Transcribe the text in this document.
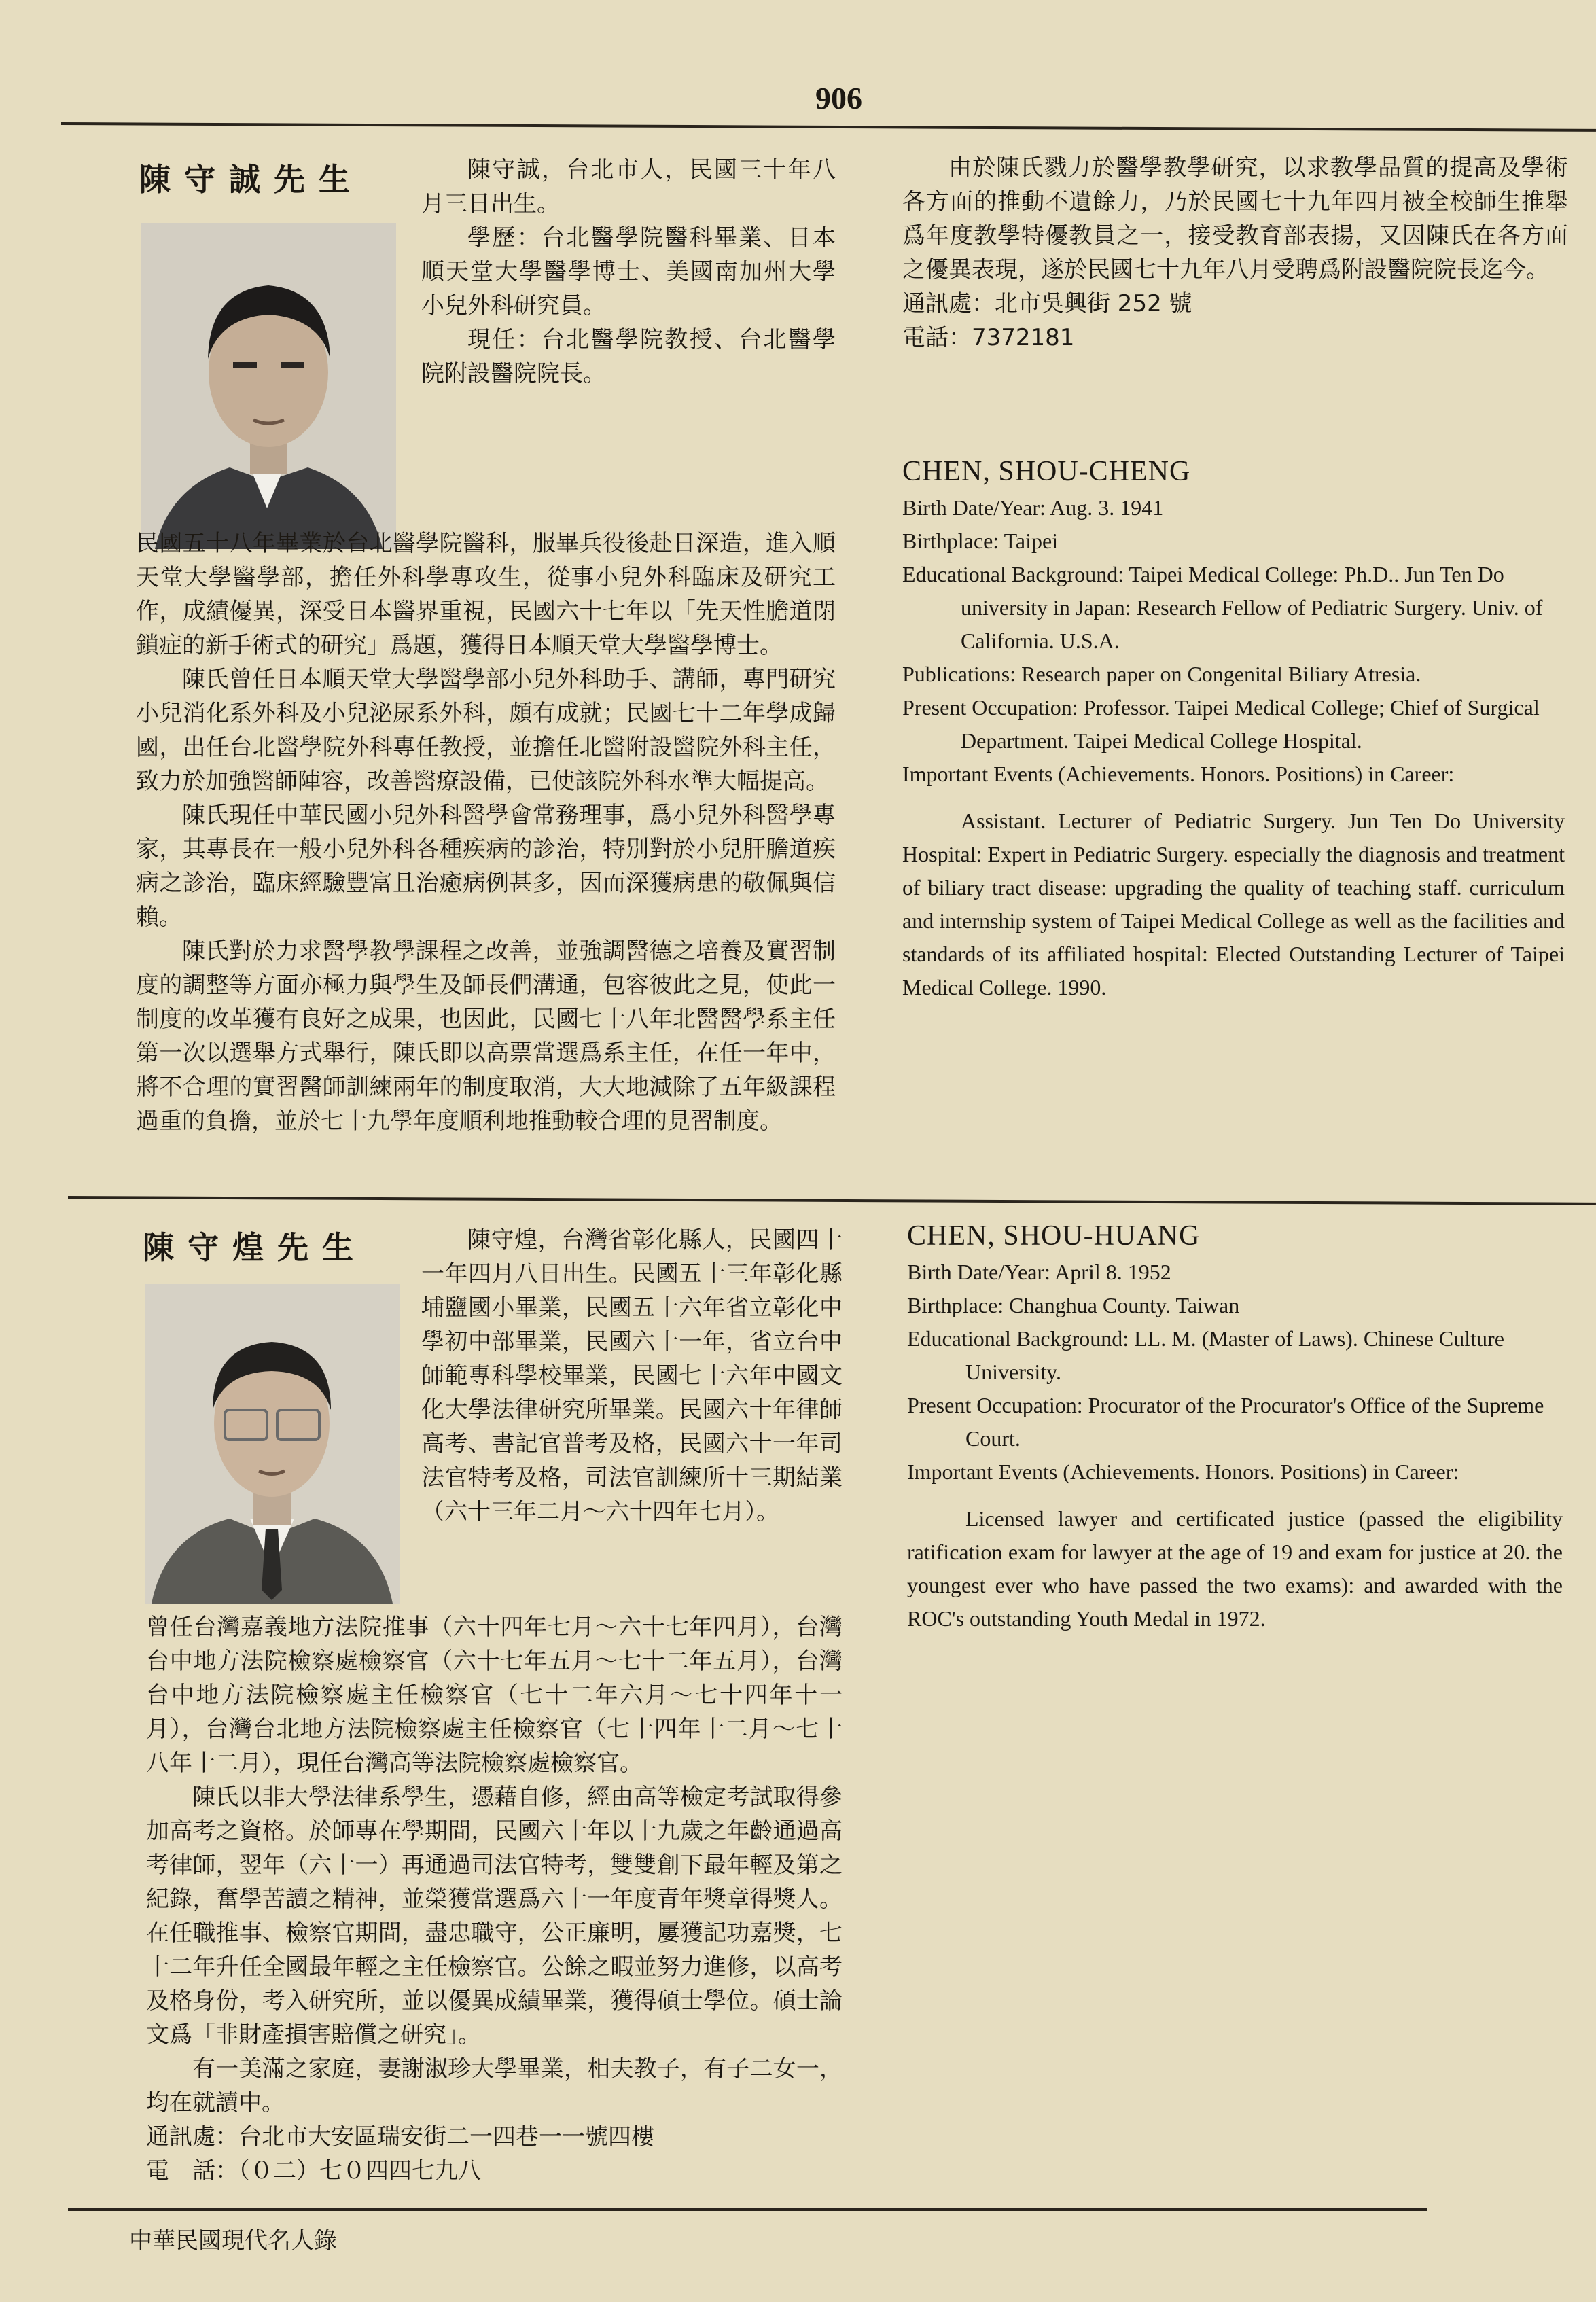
906
陳守誠先生	陳守誠，台北市人，民國三十年八月三日出生。

學歷：台北醫學院醫科畢業、日本順天堂大學醫學博士、美國南加州大學小兒外科研究員。

現任：台北醫學院教授、台北醫學院附設醫院院長。

民國五十八年畢業於台北醫學院醫科，服畢兵役後赴日深造，進入順天堂大學醫學部，擔任外科學專攻生，從事小兒外科臨床及研究工作，成績優異，深受日本醫界重視，民國六十七年以「先天性膽道閉鎖症的新手術式的研究」爲題，獲得日本順天堂大學醫學博士。

陳氏曾任日本順天堂大學醫學部小兒外科助手、講師，專門研究小兒消化系外科及小兒泌尿系外科，頗有成就；民國七十二年學成歸國，出任台北醫學院外科專任教授，並擔任北醫附設醫院外科主任，致力於加強醫師陣容，改善醫療設備，已使該院外科水準大幅提高。

陳氏現任中華民國小兒外科醫學會常務理事，爲小兒外科醫學專家，其專長在一般小兒外科各種疾病的診治，特別對於小兒肝膽道疾病之診治，臨床經驗豐富且治癒病例甚多，因而深獲病患的敬佩與信賴。

陳氏對於力求醫學教學課程之改善，並強調醫德之培養及實習制度的調整等方面亦極力與學生及師長們溝通，包容彼此之見，使此一制度的改革獲有良好之成果，也因此，民國七十八年北醫醫學系主任第一次以選舉方式舉行，陳氏即以高票當選爲系主任，在任一年中，將不合理的實習醫師訓練兩年的制度取消，大大地減除了五年級課程過重的負擔，並於七十九學年度順利地推動較合理的見習制度。

由於陳氏戮力於醫學教學研究，以求教學品質的提高及學術各方面的推動不遺餘力，乃於民國七十九年四月被全校師生推舉爲年度教學特優教員之一，接受教育部表揚，又因陳氏在各方面之優異表現，遂於民國七十九年八月受聘爲附設醫院院長迄今。

通訊處：北市吳興街 252 號

電話：7372181

CHEN, SHOU-CHENG

Birth Date/Year: Aug. 3. 1941

Birthplace: Taipei

Educational Background: Taipei Medical College: Ph.D.. Jun Ten Do university in Japan: Research Fellow of Pediatric Surgery. Univ. of California. U.S.A.

Publications: Research paper on Congenital Biliary Atresia.

Present Occupation: Professor. Taipei Medical College; Chief of Surgical Department. Taipei Medical College Hospital.

Important Events (Achievements. Honors. Positions) in Career:

Assistant. Lecturer of Pediatric Surgery. Jun Ten Do University Hospital: Expert in Pediatric Surgery. especially the diagnosis and treatment of biliary tract disease: upgrading the quality of teaching staff. curriculum and internship system of Taipei Medical College as well as the facilities and standards of its affiliated hospital: Elected Outstanding Lecturer of Taipei Medical College. 1990.

陳守煌先生	陳守煌，台灣省彰化縣人，民國四十一年四月八日出生。民國五十三年彰化縣埔鹽國小畢業，民國五十六年省立彰化中學初中部畢業，民國六十一年，省立台中師範專科學校畢業，民國七十六年中國文化大學法律研究所畢業。民國六十年律師高考、書記官普考及格，民國六十一年司法官特考及格，司法官訓練所十三期結業（六十三年二月～六十四年七月）。

曾任台灣嘉義地方法院推事（六十四年七月～六十七年四月），台灣台中地方法院檢察處檢察官（六十七年五月～七十二年五月），台灣台中地方法院檢察處主任檢察官（七十二年六月～七十四年十一月），台灣台北地方法院檢察處主任檢察官（七十四年十二月～七十八年十二月），現任台灣高等法院檢察處檢察官。

陳氏以非大學法律系學生，憑藉自修，經由高等檢定考試取得參加高考之資格。於師專在學期間，民國六十年以十九歲之年齡通過高考律師，翌年（六十一）再通過司法官特考，雙雙創下最年輕及第之紀錄，奮學苦讀之精神，並榮獲當選爲六十一年度青年獎章得獎人。在任職推事、檢察官期間，盡忠職守，公正廉明，屢獲記功嘉獎，七十二年升任全國最年輕之主任檢察官。公餘之暇並努力進修，以高考及格身份，考入研究所，並以優異成績畢業，獲得碩士學位。碩士論文爲「非財產損害賠償之研究」。

有一美滿之家庭，妻謝淑珍大學畢業，相夫教子，有子二女一，均在就讀中。

通訊處：台北市大安區瑞安街二一四巷一一號四樓

電　話：（０二）七０四四七九八

CHEN, SHOU-HUANG

Birth Date/Year: April 8. 1952

Birthplace: Changhua County. Taiwan

Educational Background: LL. M. (Master of Laws). Chinese Culture University.

Present Occupation: Procurator of the Procurator's Office of the Supreme Court.

Important Events (Achievements. Honors. Positions) in Career:

Licensed lawyer and certificated justice (passed the eligibility ratification exam for lawyer at the age of 19 and exam for justice at 20. the youngest ever who have passed the two exams): and awarded with the ROC's outstanding Youth Medal in 1972.

中華民國現代名人錄
